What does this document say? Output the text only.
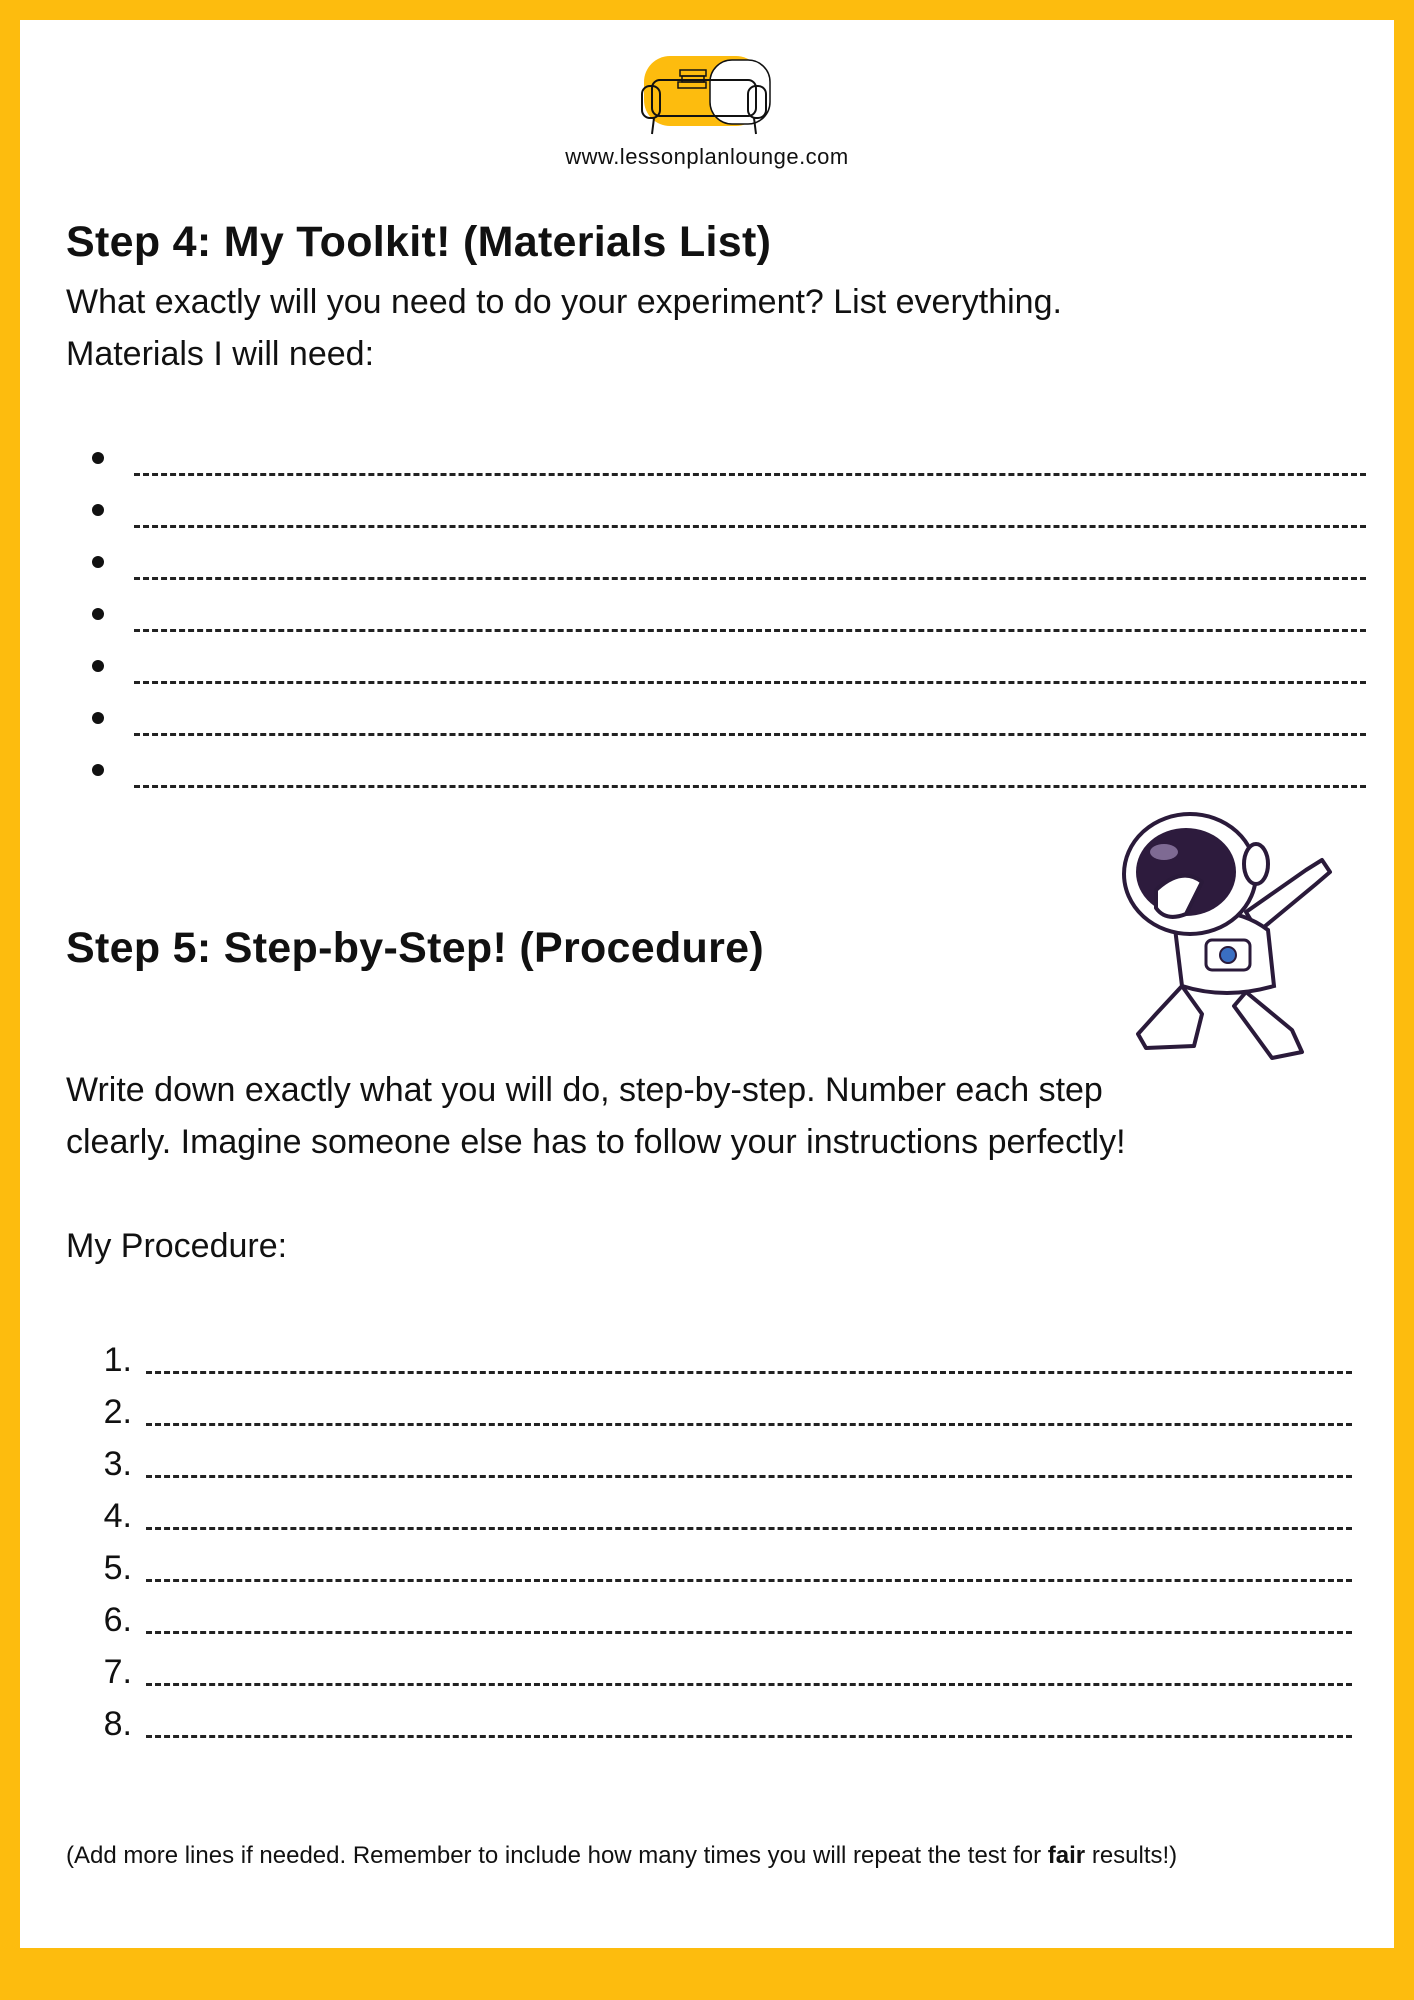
www.lessonplanlounge.com
Step 4: My Toolkit! (Materials List)

What exactly will you need to do your experiment? List everything.
Materials I will need:

Step 5: Step-by-Step! (Procedure)

Write down exactly what you will do, step-by-step. Number each step
clearly. Imagine someone else has to follow your instructions perfectly!

My Procedure:

1.
2.
3.
4.
5.
6.
7.
8.

(Add more lines if needed. Remember to include how many times you will repeat the test for fair results!)
